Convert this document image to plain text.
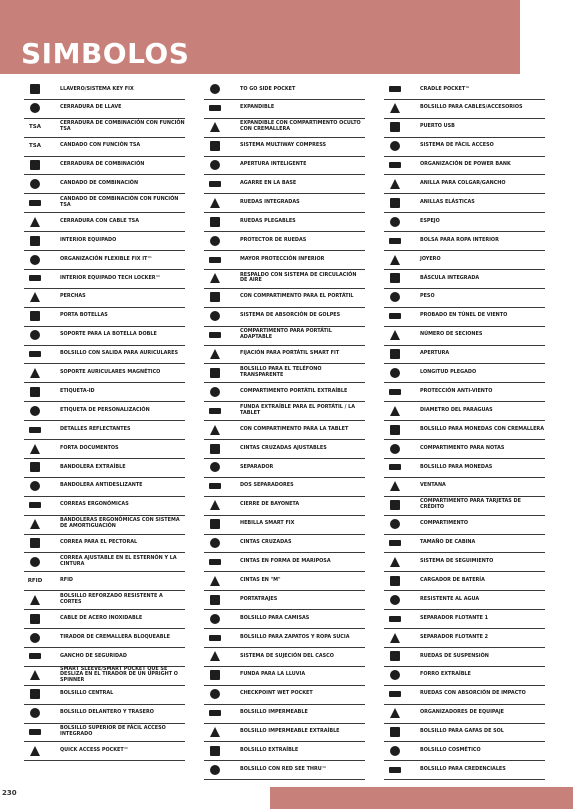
SIMBOLOS
LLAVERO/SISTEMA KEY FIX
CERRADURA DE LLAVE
TSA
CERRADURA DE COMBINACIÓN CON FUNCIÓN TSA
TSA	CANDADO CON FUNCIÓN TSA
CERRADURA DE COMBINACIÓN
CANDADO DE COMBINACIÓN
CANDADO DE COMBINACIÓN CON FUNCIÓN TSA
CERRADURA CON CABLE TSA
INTERIOR EQUIPADO
ORGANIZACIÓN FLEXIBLE FIX IT™
INTERIOR EQUIPADO TECH LOCKER™
PERCHAS
PORTA BOTELLAS
SOPORTE PARA LA BOTELLA DOBLE
BOLSILLO CON SALIDA PARA AURICULARES
SOPORTE AURICULARES MAGNÉTICO
ETIQUETA-ID
ETIQUETA DE PERSONALIZACIÓN
DETALLES REFLECTANTES
FORTA DOCUMENTOS
BANDOLERA EXTRAÍBLE
BANDOLERA ANTIDESLIZANTE
CORREAS ERGONÓMICAS
BANDOLERAS ERGONÓMICAS CON SISTEMA DE AMORTIGUACIÓN
CORREA PARA EL PECTORAL
CORREA AJUSTABLE EN EL ESTERNÓN Y LA CINTURA
RFID	RFID
BOLSILLO REFORZADO RESISTENTE A CORTES
CABLE DE ACERO INOXIDABLE
TIRADOR DE CREMALLERA BLOQUEABLE
GANCHO DE SEGURIDAD
SMART SLEEVE/SMART POCKET QUE SE DESLIZA EN EL TIRADOR DE UN UPRIGHT O SPINNER
BOLSILLO CENTRAL
BOLSILLO DELANTERO Y TRASERO
BOLSILLO SUPERIOR DE FÁCIL ACCESO INTEGRADO
QUICK ACCESS POCKET™
TO GO SIDE POCKET
EXPANDIBLE
EXPANDIBLE CON COMPARTIMENTO OCULTO CON CREMALLERA
SISTEMA MULTIWAY COMPRESS
APERTURA INTELIGENTE
AGARRE EN LA BASE
RUEDAS INTEGRADAS
RUEDAS PLEGABLES
PROTECTOR DE RUEDAS
MAYOR PROTECCIÓN INFERIOR
RESPALDO CON SISTEMA DE CIRCULACIÓN DE AIRE
CON COMPARTIMENTO PARA EL PORTÁTIL
SISTEMA DE ABSORCIÓN DE GOLPES
COMPARTIMENTO PARA PORTÁTIL ADAPTABLE
FIJACIÓN PARA PORTÁTIL SMART FIT
BOLSILLO PARA EL TELÉFONO TRANSPARENTE
COMPARTIMENTO PORTÁTIL EXTRAÍBLE
FUNDA EXTRAÍBLE PARA EL PORTÁTIL / LA TABLET
CON COMPARTIMENTO PARA LA TABLET
CINTAS CRUZADAS AJUSTABLES
SEPARADOR
DOS SEPARADORES
CIERRE DE BAYONETA
HEBILLA SMART FIX
CINTAS CRUZADAS
CINTAS EN FORMA DE MARIPOSA
CINTAS EN "M"
PORTATRAJES
BOLSILLO PARA CAMISAS
BOLSILLO PARA ZAPATOS Y ROPA SUCIA
SISTEMA DE SUJECIÓN DEL CASCO
FUNDA PARA LA LLUVIA
CHECKPOINT WET POCKET
BOLSILLO IMPERMEABLE
BOLSILLO IMPERMEABLE EXTRAÍBLE
BOLSILLO EXTRAÍBLE
BOLSILLO CON RED SEE THRU™
CRADLE POCKET™
BOLSILLO PARA CABLES/ACCESORIOS
PUERTO USB
SISTEMA DE FÁCIL ACCESO
ORGANIZACIÓN DE POWER BANK
ANILLA PARA COLGAR/GANCHO
ANILLAS ELÁSTICAS
ESPEJO
BOLSA PARA ROPA INTERIOR
JOYERO
BÁSCULA INTEGRADA
PESO
PROBADO EN TÚNEL DE VIENTO
NÚMERO DE SECIONES
APERTURA
LONGITUD PLEGADO
PROTECCIÓN ANTI-VIENTO
DIAMETRO DEL PARAGUAS
BOLSILLO PARA MONEDAS CON CREMALLERA
COMPARTIMENTO PARA NOTAS
BOLSILLO PARA MONEDAS
VENTANA
COMPARTIMENTO PARA TARJETAS DE CRÉDITO
COMPARTIMENTO
TAMAÑO DE CABINA
SISTEMA DE SEGUIMIENTO
CARGADOR DE BATERÍA
RESISTENTE AL AGUA
SEPARADOR FLOTANTE 1
SEPARADOR FLOTANTE 2
RUEDAS DE SUSPENSIÓN
FORRO EXTRAÍBLE
RUEDAS CON ABSORCIÓN DE IMPACTO
ORGANIZADORES DE EQUIPAJE
BOLSILLO PARA GAFAS DE SOL
BOLSILLO COSMÉTICO
BOLSILLO PARA CREDENCIALES
230
